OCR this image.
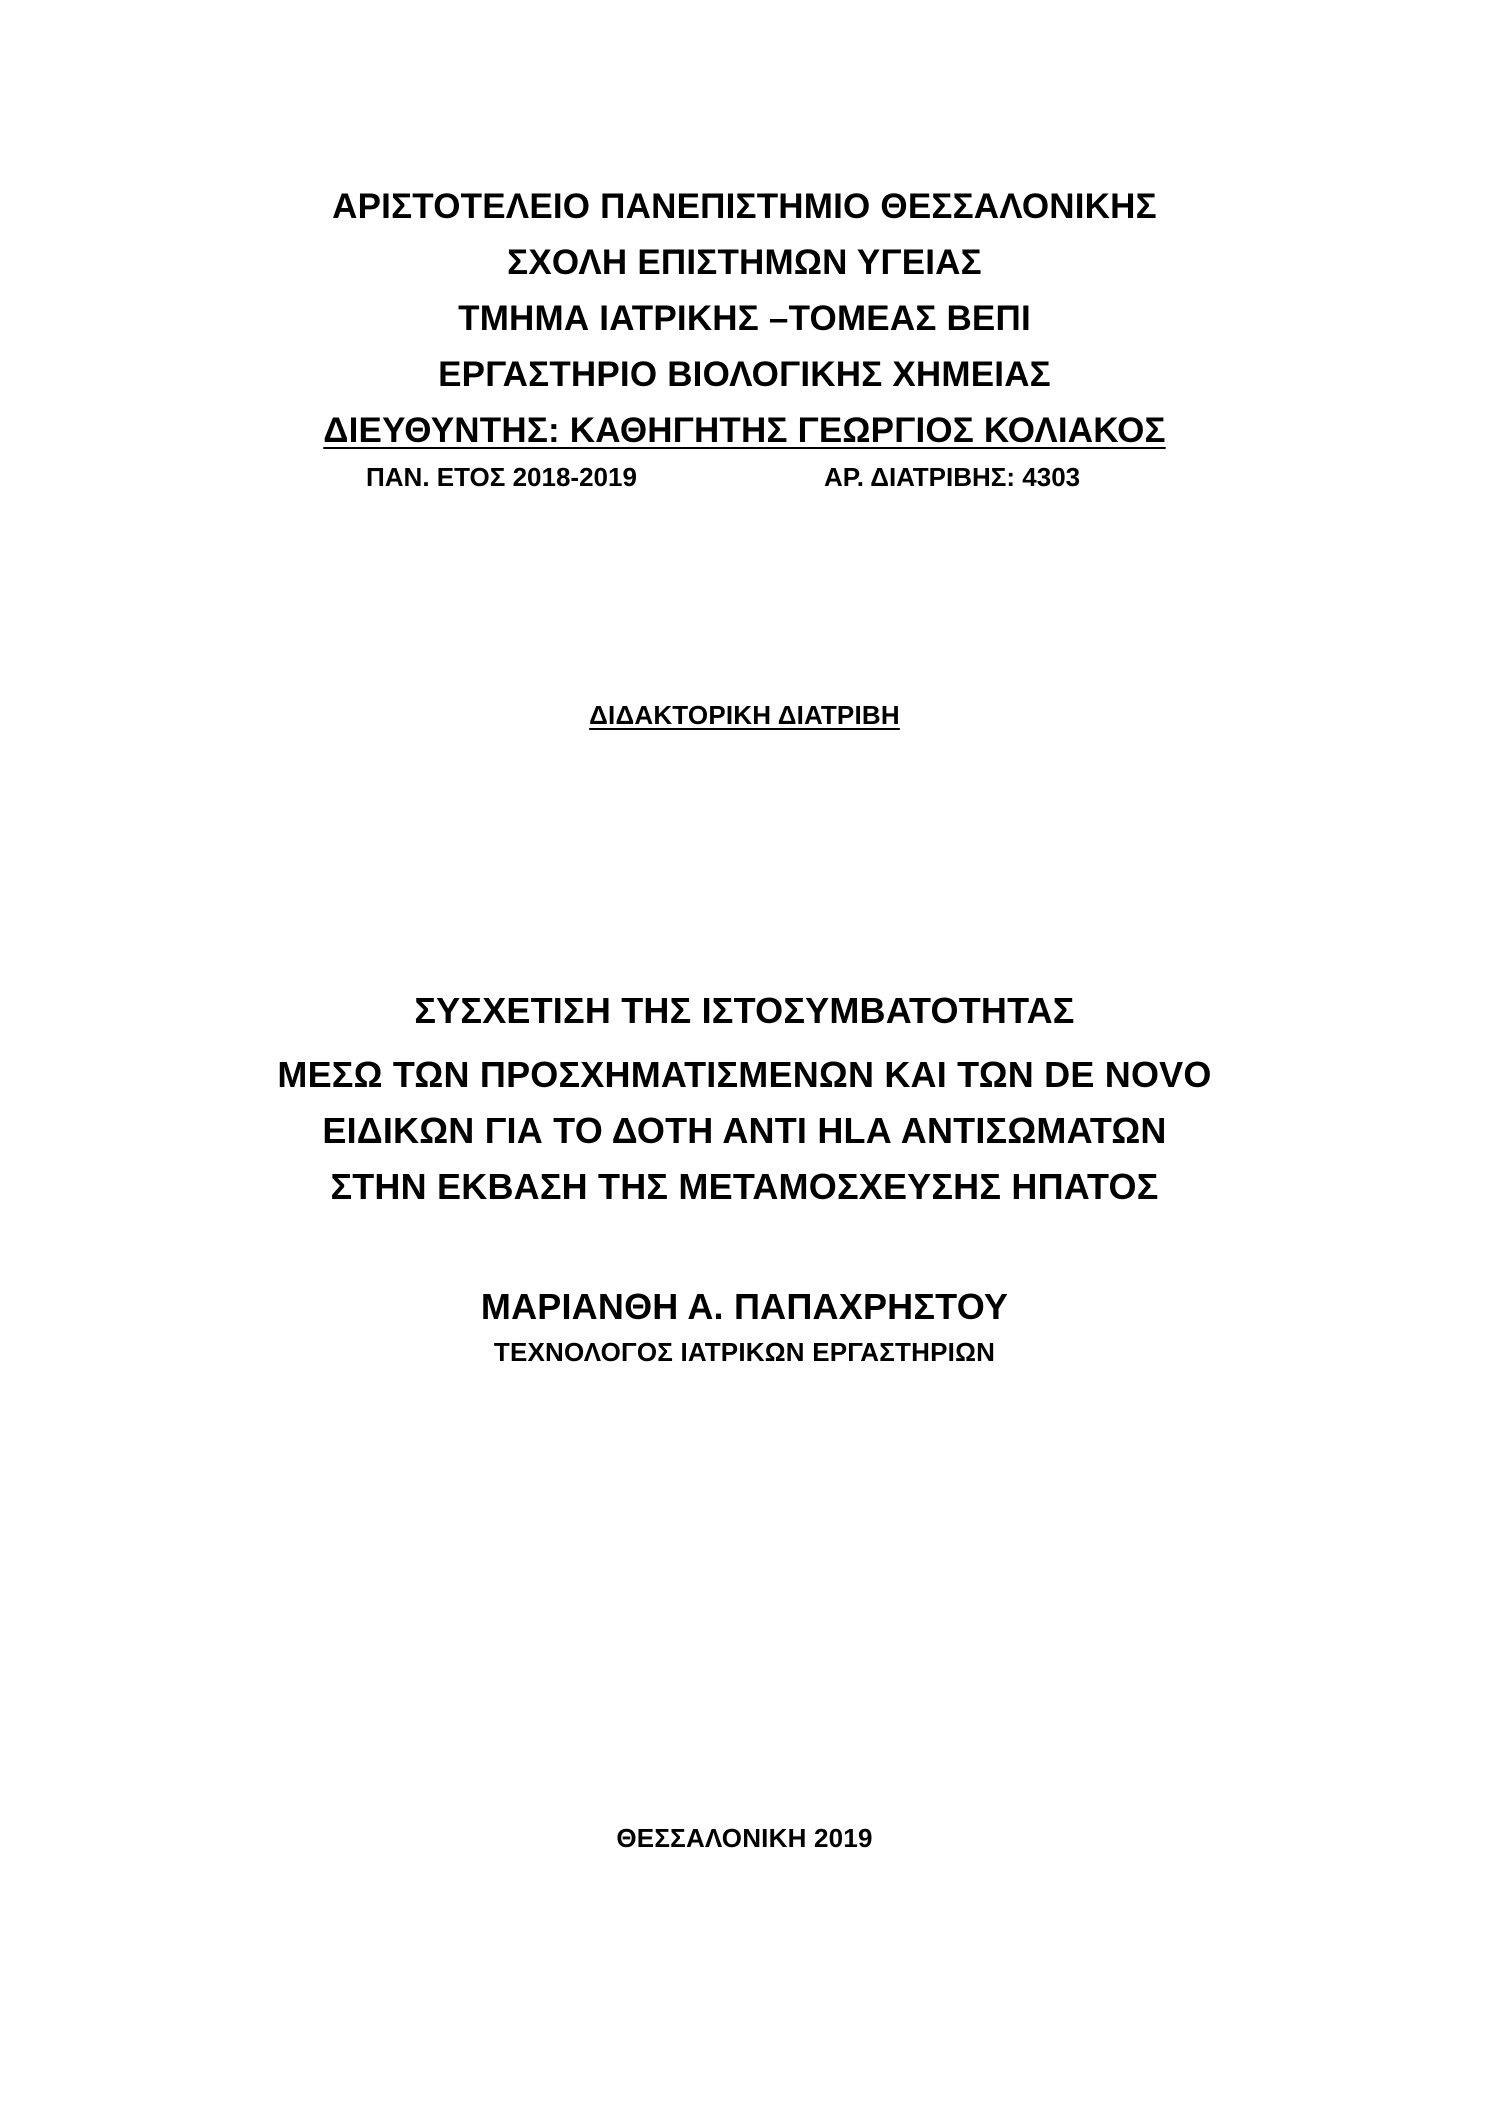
ΑΡΙΣΤΟΤΕΛΕΙΟ ΠΑΝΕΠΙΣΤΗΜΙΟ ΘΕΣΣΑΛΟΝΙΚΗΣ
ΣΧΟΛΗ ΕΠΙΣΤΗΜΩΝ ΥΓΕΙΑΣ
ΤΜΗΜΑ ΙΑΤΡΙΚΗΣ –ΤΟΜΕΑΣ ΒΕΠΙ
ΕΡΓΑΣΤΗΡΙΟ ΒΙΟΛΟΓΙΚΗΣ ΧΗΜΕΙΑΣ
ΔΙΕΥΘΥΝΤΗΣ: ΚΑΘΗΓΗΤΗΣ ΓΕΩΡΓΙΟΣ ΚΟΛΙΑΚΟΣ
ΠΑΝ. ΕΤΟΣ 2018-2019	ΑΡ. ΔΙΑΤΡΙΒΗΣ: 4303
ΔΙΔΑΚΤΟΡΙΚΗ ΔΙΑΤΡΙΒΗ
ΣΥΣΧΕΤΙΣΗ ΤΗΣ ΙΣΤΟΣΥΜΒΑΤΟΤΗΤΑΣ
ΜΕΣΩ ΤΩΝ ΠΡΟΣΧΗΜΑΤΙΣΜΕΝΩΝ ΚΑΙ ΤΩΝ DE NOVO
ΕΙΔΙΚΩΝ ΓΙΑ ΤΟ ΔΟΤΗ ΑΝΤΙ HLA ΑΝΤΙΣΩΜΑΤΩΝ
ΣΤΗΝ ΕΚΒΑΣΗ ΤΗΣ ΜΕΤΑΜΟΣΧΕΥΣΗΣ ΗΠΑΤΟΣ
ΜΑΡΙΑΝΘΗ Α. ΠΑΠΑΧΡΗΣΤΟΥ
ΤΕΧΝΟΛΟΓΟΣ ΙΑΤΡΙΚΩΝ ΕΡΓΑΣΤΗΡΙΩΝ
ΘΕΣΣΑΛΟΝΙΚΗ 2019
